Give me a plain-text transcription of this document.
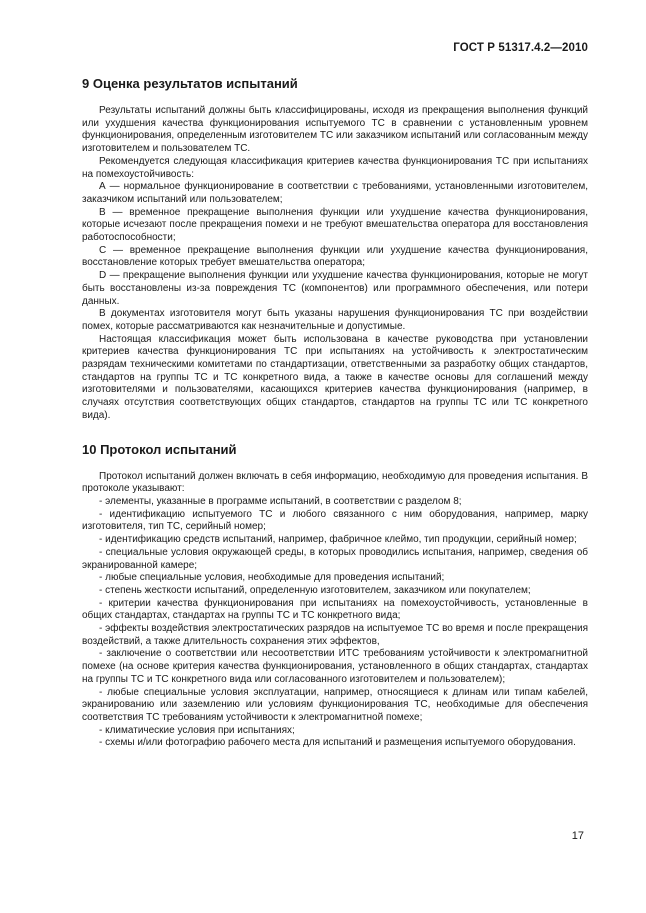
ГОСТ Р 51317.4.2—2010
9 Оценка результатов испытаний

Результаты испытаний должны быть классифицированы, исходя из прекращения выполнения функций или ухудшения качества функционирования испытуемого ТС в сравнении с установленным уровнем функционирования, определенным изготовителем ТС или заказчиком испытаний или согласованным между изготовителем и пользователем ТС.

Рекомендуется следующая классификация критериев качества функционирования ТС при испытаниях на помехоустойчивость:

А — нормальное функционирование в соответствии с требованиями, установленными изготовителем, заказчиком испытаний или пользователем;

В — временное прекращение выполнения функции или ухудшение качества функционирования, которые исчезают после прекращения помехи и не требуют вмешательства оператора для восстановления работоспособности;

С — временное прекращение выполнения функции или ухудшение качества функционирования, восстановление которых требует вмешательства оператора;

D — прекращение выполнения функции или ухудшение качества функционирования, которые не могут быть восстановлены из-за повреждения ТС (компонентов) или программного обеспечения, или потери данных.

В документах изготовителя могут быть указаны нарушения функционирования ТС при воздействии помех, которые рассматриваются как незначительные и допустимые.

Настоящая классификация может быть использована в качестве руководства при установлении критериев качества функционирования ТС при испытаниях на устойчивость к электростатическим разрядам техническими комитетами по стандартизации, ответственными за разработку общих стандартов, стандартов на группы ТС и ТС конкретного вида, а также в качестве основы для соглашений между изготовителями и пользователями, касающихся критериев качества функционирования (например, в случаях отсутствия соответствующих общих стандартов, стандартов на группы ТС или ТС конкретного вида).

10 Протокол испытаний

Протокол испытаний должен включать в себя информацию, необходимую для проведения испытания. В протоколе указывают:

- элементы, указанные в программе испытаний, в соответствии с разделом 8;

- идентификацию испытуемого ТС и любого связанного с ним оборудования, например, марку изготовителя, тип ТС, серийный номер;

- идентификацию средств испытаний, например, фабричное клеймо, тип продукции, серийный номер;

- специальные условия окружающей среды, в которых проводились испытания, например, сведения об экранированной камере;

- любые специальные условия, необходимые для проведения испытаний;

- степень жесткости испытаний, определенную изготовителем, заказчиком или покупателем;

- критерии качества функционирования при испытаниях на помехоустойчивость, установленные в общих стандартах, стандартах на группы ТС и ТС конкретного вида;

- эффекты воздействия электростатических разрядов на испытуемое ТС во время и после прекращения воздействий, а также длительность сохранения этих эффектов,

- заключение о соответствии или несоответствии ИТС требованиям устойчивости к электромагнитной помехе (на основе критерия качества функционирования, установленного в общих стандартах, стандартах на группы ТС и ТС конкретного вида или согласованного изготовителем и пользователем);

- любые специальные условия эксплуатации, например, относящиеся к длинам или типам кабелей, экранированию или заземлению или условиям функционирования ТС, необходимые для обеспечения соответствия ТС требованиям устойчивости к электромагнитной помехе;

- климатические условия при испытаниях;

- схемы и/или фотографию рабочего места для испытаний и размещения испытуемого оборудования.

17
